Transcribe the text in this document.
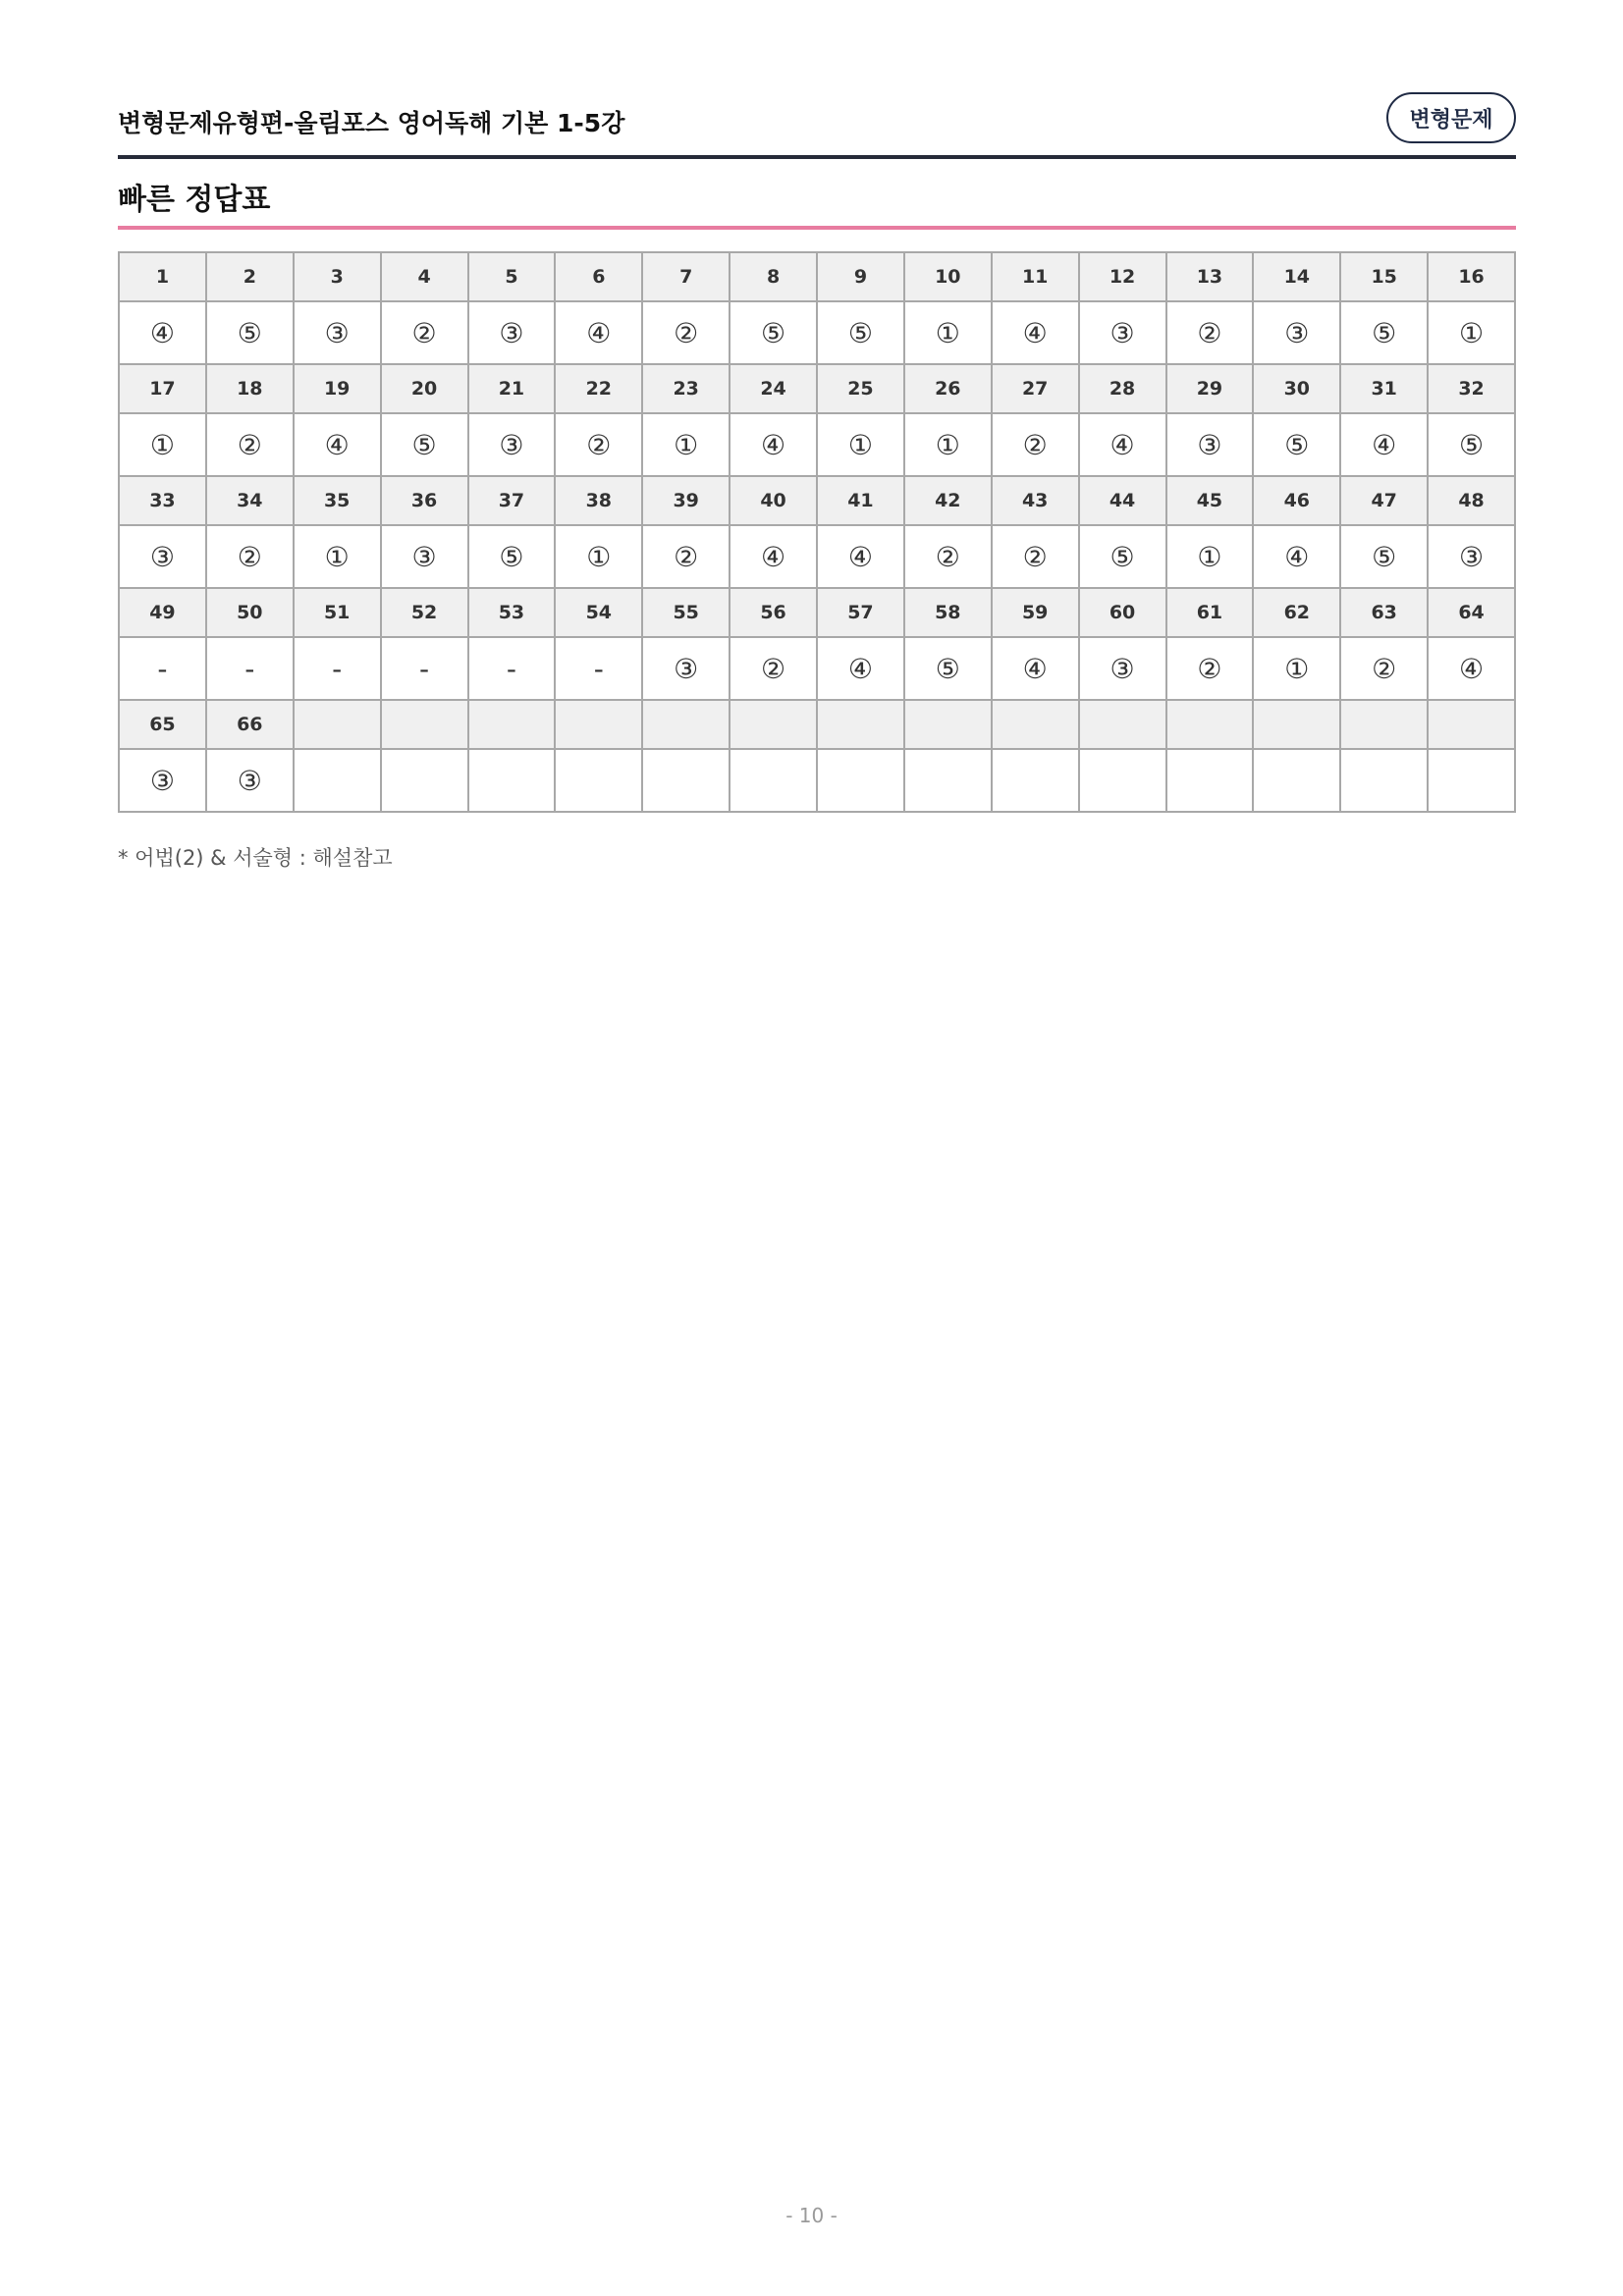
변형문제유형편-올림포스 영어독해 기본 1-5강	변형문제
빠른 정답표
1	2	3	4	5	6	7	8	9	10	11	12	13	14	15	16
④	⑤	③	②	③	④	②	⑤	⑤	①	④	③	②	③	⑤	①
17	18	19	20	21	22	23	24	25	26	27	28	29	30	31	32
①	②	④	⑤	③	②	①	④	①	①	②	④	③	⑤	④	⑤
33	34	35	36	37	38	39	40	41	42	43	44	45	46	47	48
③	②	①	③	⑤	①	②	④	④	②	②	⑤	①	④	⑤	③
49	50	51	52	53	54	55	56	57	58	59	60	61	62	63	64
-	-	-	-	-	-	③	②	④	⑤	④	③	②	①	②	④
65	66														
③	③														
* 어법(2) & 서술형 : 해설참고
- 10 -
